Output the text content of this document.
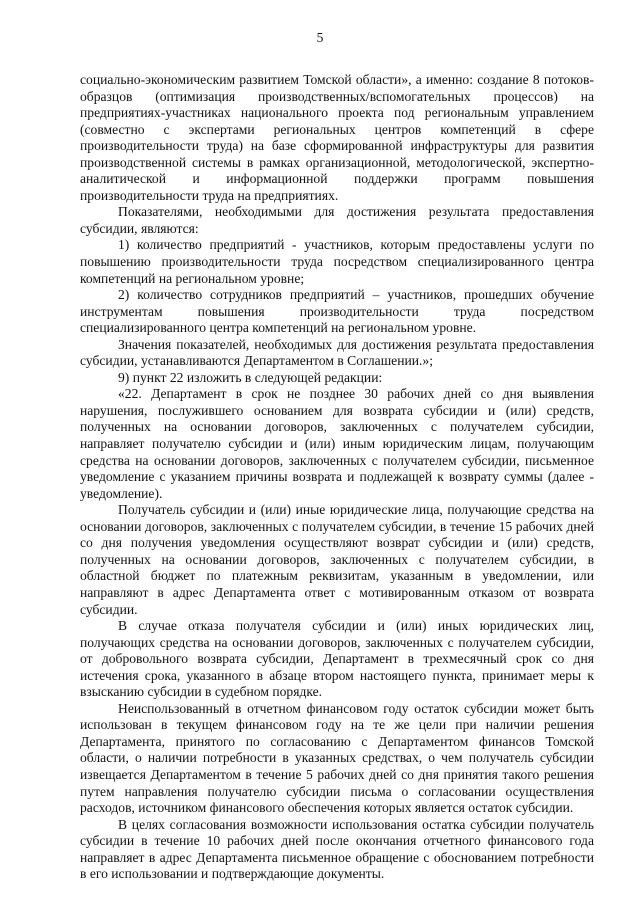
5

социально-экономическим развитием Томской области», а именно: создание 8 потоков-образцов (оптимизация производственных/вспомогательных процессов) на предприятиях-участниках национального проекта под региональным управлением (совместно с экспертами региональных центров компетенций в сфере производительности труда) на базе сформированной инфраструктуры для развития производственной системы в рамках организационной, методологической, экспертно-аналитической и информационной поддержки программ повышения производительности труда на предприятиях.

Показателями, необходимыми для достижения результата предоставления субсидии, являются:

1) количество предприятий - участников, которым предоставлены услуги по повышению производительности труда посредством специализированного центра компетенций на региональном уровне;

2) количество сотрудников предприятий – участников, прошедших обучение инструментам повышения производительности труда посредством специализированного центра компетенций на региональном уровне.

Значения показателей, необходимых для достижения результата предоставления субсидии, устанавливаются Департаментом в Соглашении.»;

9) пункт 22 изложить в следующей редакции:

«22. Департамент в срок не позднее 30 рабочих дней со дня выявления нарушения, послужившего основанием для возврата субсидии и (или) средств, полученных на основании договоров, заключенных с получателем субсидии, направляет получателю субсидии и (или) иным юридическим лицам, получающим средства на основании договоров, заключенных с получателем субсидии, письменное уведомление с указанием причины возврата и подлежащей к возврату суммы (далее - уведомление).

Получатель субсидии и (или) иные юридические лица, получающие средства на основании договоров, заключенных с получателем субсидии, в течение 15 рабочих дней со дня получения уведомления осуществляют возврат субсидии и (или) средств, полученных на основании договоров, заключенных с получателем субсидии, в областной бюджет по платежным реквизитам, указанным в уведомлении, или направляют в адрес Департамента ответ с мотивированным отказом от возврата субсидии.

В случае отказа получателя субсидии и (или) иных юридических лиц, получающих средства на основании договоров, заключенных с получателем субсидии, от добровольного возврата субсидии, Департамент в трехмесячный срок со дня истечения срока, указанного в абзаце втором настоящего пункта, принимает меры к взысканию субсидии в судебном порядке.

Неиспользованный в отчетном финансовом году остаток субсидии может быть использован в текущем финансовом году на те же цели при наличии решения Департамента, принятого по согласованию с Департаментом финансов Томской области, о наличии потребности в указанных средствах, о чем получатель субсидии извещается Департаментом в течение 5 рабочих дней со дня принятия такого решения путем направления получателю субсидии письма о согласовании осуществления расходов, источником финансового обеспечения которых является остаток субсидии.

В целях согласования возможности использования остатка субсидии получатель субсидии в течение 10 рабочих дней после окончания отчетного финансового года направляет в адрес Департамента письменное обращение с обоснованием потребности в его использовании и подтверждающие документы.
